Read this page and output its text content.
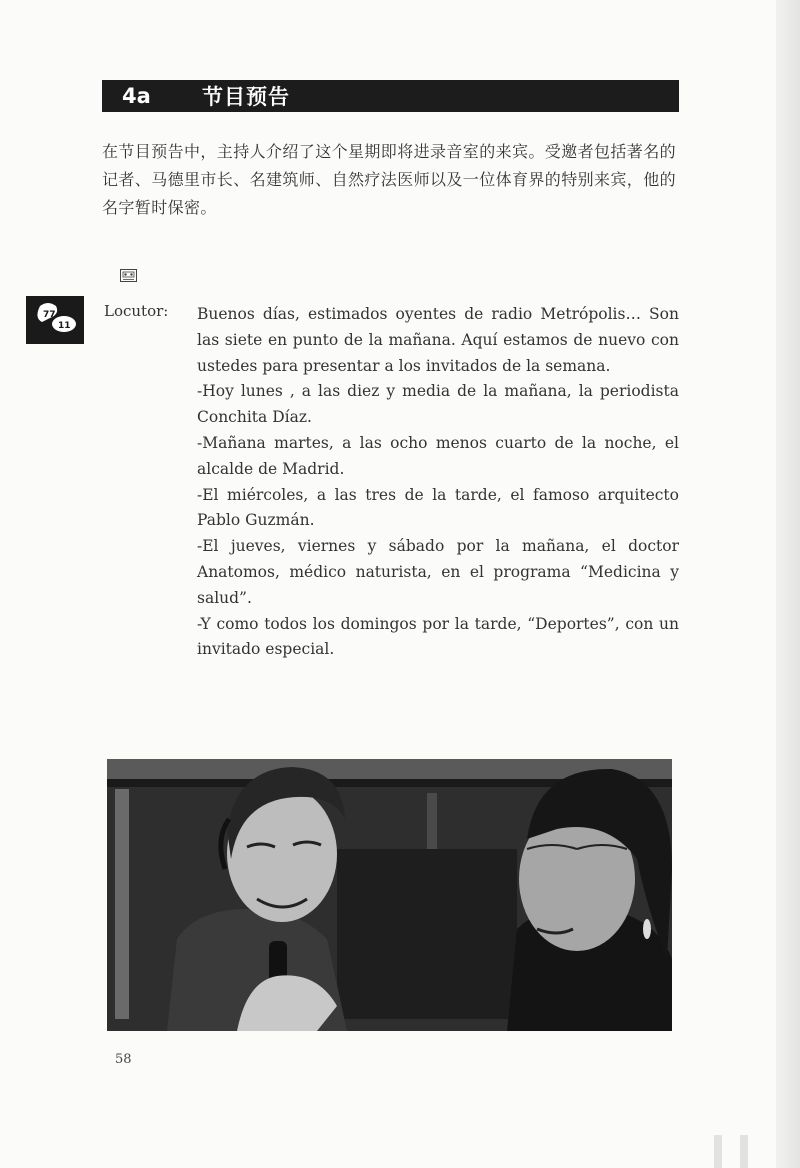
4a	节目预告
在节目预告中，主持人介绍了这个星期即将进录音室的来宾。受邀者包括著名的记者、马德里市长、名建筑师、自然疗法医师以及一位体育界的特别来宾，他的名字暂时保密。
77
11
Locutor: Buenos días, estimados oyentes de radio Metrópolis… Son las siete en punto de la mañana. Aquí estamos de nuevo con ustedes para presentar a los invitados de la semana.

-Hoy lunes , a las diez y media de la mañana, la periodista Conchita Díaz.

-Mañana martes, a las ocho menos cuarto de la noche, el alcalde de Madrid.

-El miércoles, a las tres de la tarde, el famoso arquitecto Pablo Guzmán.

-El jueves, viernes y sábado por la mañana, el doctor Anatomos, médico naturista, en el programa “Medicina y salud”.

-Y como todos los domingos por la tarde, “Deportes”, con un invitado especial.

58
